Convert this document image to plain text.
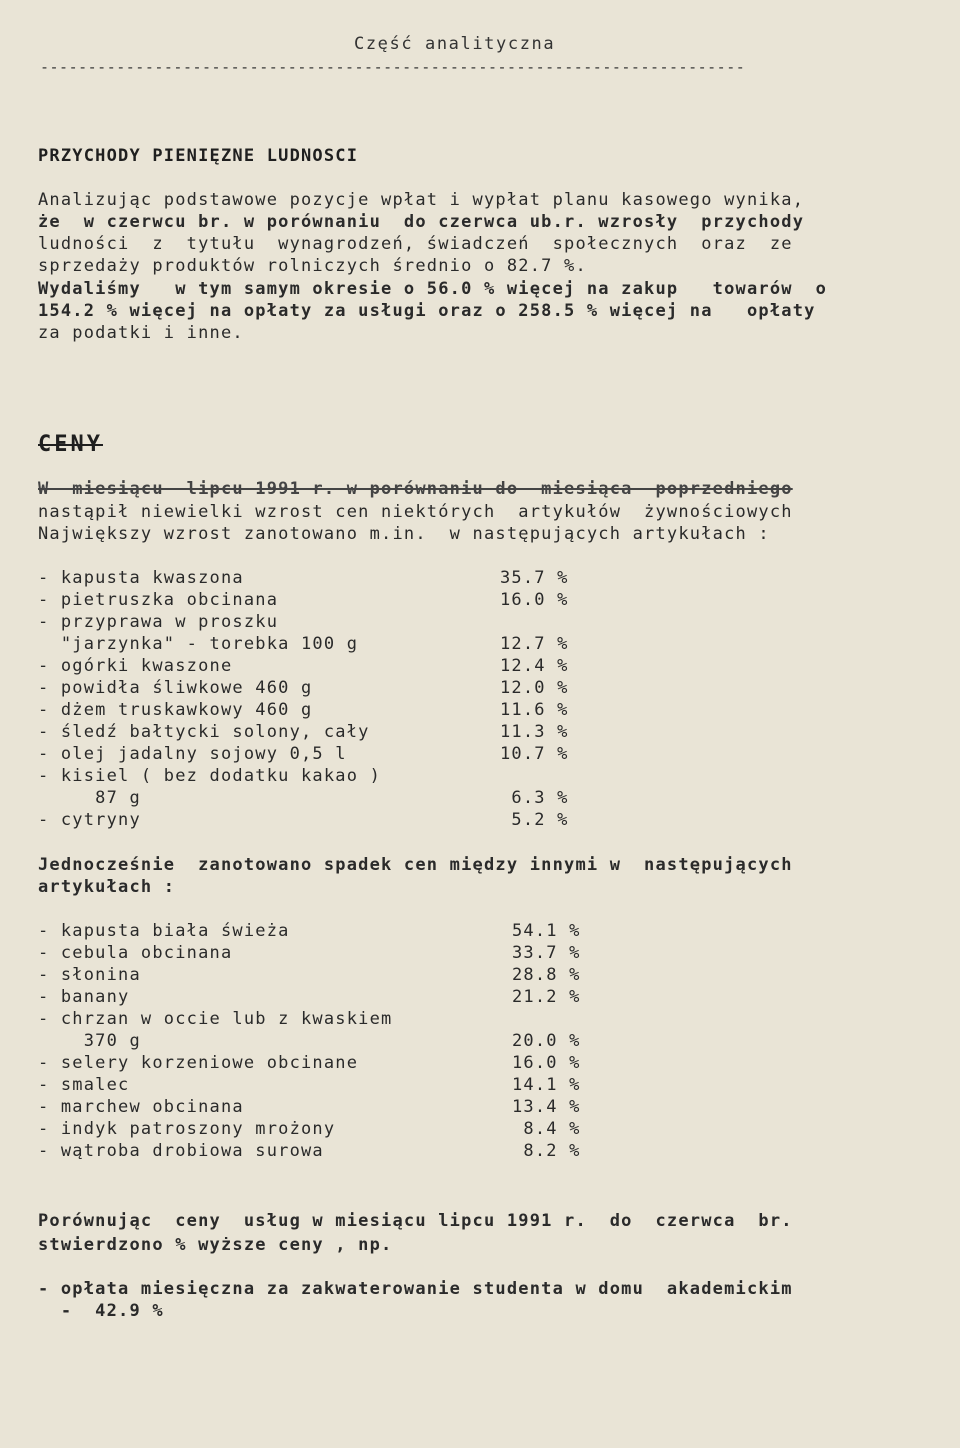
Część analityczna
--------------------------------------------------------------------------
PRZYCHODY PIENIĘZNE LUDNOSCI
Analizując podstawowe pozycje wpłat i wypłat planu kasowego wynika,
że  w czerwcu br. w porównaniu  do czerwca ub.r. wzrosły  przychody
ludności  z  tytułu  wynagrodzeń, świadczeń  społecznych  oraz  ze
sprzedaży produktów rolniczych średnio o 82.7 %.
Wydaliśmy   w tym samym okresie o 56.0 % więcej na zakup   towarów  o
154.2 % więcej na opłaty za usługi oraz o 258.5 % więcej na   opłaty
za podatki i inne.
CENY
W  miesiącu  lipcu 1991 r. w porównaniu do  miesiąca  poprzedniego
nastąpił niewielki wzrost cen niektórych  artykułów  żywnościowych
Największy wzrost zanotowano m.in.  w następujących artykułach :
- kapusta kwaszona	35.7 %
- pietruszka obcinana	16.0 %
- przyprawa w proszku
"jarzynka" - torebka 100 g	12.7 %
- ogórki kwaszone	12.4 %
- powidła śliwkowe 460 g	12.0 %
- dżem truskawkowy 460 g	11.6 %
- śledź bałtycki solony, cały	11.3 %
- olej jadalny sojowy 0,5 l	10.7 %
- kisiel ( bez dodatku kakao )
87 g	6.3 %
- cytryny	5.2 %
Jednocześnie  zanotowano spadek cen między innymi w  następujących
artykułach :
- kapusta biała świeża	54.1 %
- cebula obcinana	33.7 %
- słonina	28.8 %
- banany	21.2 %
- chrzan w occie lub z kwaskiem
370 g	20.0 %
- selery korzeniowe obcinane	16.0 %
- smalec	14.1 %
- marchew obcinana	13.4 %
- indyk patroszony mrożony	8.4 %
- wątroba drobiowa surowa	8.2 %
Porównując  ceny  usług w miesiącu lipcu 1991 r.  do  czerwca  br.
stwierdzono % wyższe ceny , np.
- opłata miesięczna za zakwaterowanie studenta w domu  akademickim
-  42.9 %
